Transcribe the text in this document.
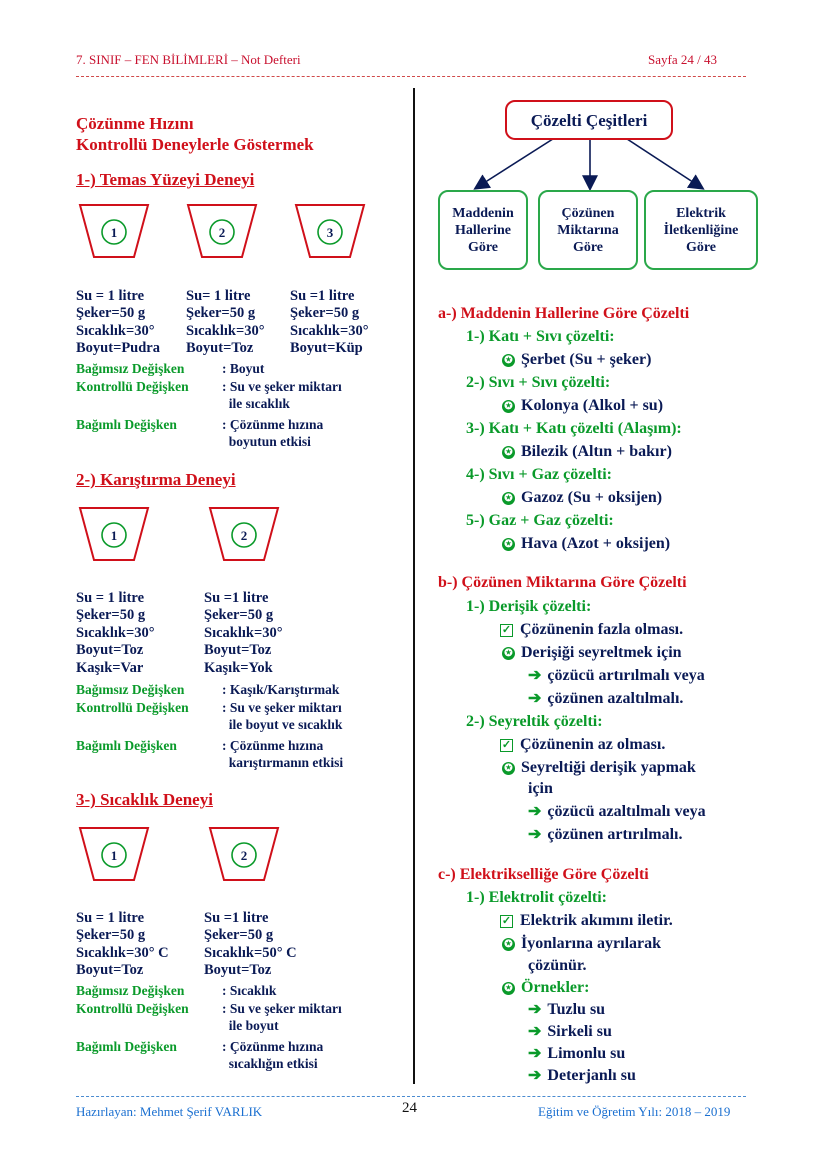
7. SINIF – FEN BİLİMLERİ – Not Defteri	Sayfa 24 / 43
Çözünme Hızını
Kontrollü Deneylerle Göstermek
1-) Temas Yüzeyi Deneyi
1	2	3

Su = 1 litre
Şeker=50 g
Sıcaklık=30°
Boyut=Pudra

Su= 1 litre
Şeker=50 g
Sıcaklık=30°
Boyut=Toz

Su =1 litre
Şeker=50 g
Sıcaklık=30°
Boyut=Küp

Bağımsız Değişken	: Boyut
Kontrollü Değişken : Su ve şeker miktarı
ile sıcaklık
Bağımlı Değişken	: Çözünme hızına
boyutun etkisi
2-) Karıştırma Deneyi
1	2

Su = 1 litre
Şeker=50 g
Sıcaklık=30°
Boyut=Toz
Kaşık=Var

Su =1 litre
Şeker=50 g
Sıcaklık=30°
Boyut=Toz
Kaşık=Yok

Bağımsız Değişken	: Kaşık/Karıştırmak
Kontrollü Değişken : Su ve şeker miktarı
ile boyut ve sıcaklık
Bağımlı Değişken	: Çözünme hızına
karıştırmanın etkisi
3-) Sıcaklık Deneyi
1	2

Su = 1 litre
Şeker=50 g
Sıcaklık=30° C
Boyut=Toz

Su =1 litre
Şeker=50 g
Sıcaklık=50° C
Boyut=Toz

Bağımsız Değişken	: Sıcaklık
Kontrollü Değişken : Su ve şeker miktarı
ile boyut
Bağımlı Değişken	: Çözünme hızına
sıcaklığın etkisi
Çözelti Çeşitleri
Maddenin
Hallerine
Göre
Çözünen
Miktarına
Göre
Elektrik
İletkenliğine
Göre
a-) Maddenin Hallerine Göre Çözelti
1-) Katı + Sıvı çözelti:
✪ Şerbet (Su + şeker)
2-) Sıvı + Sıvı çözelti:
✪ Kolonya (Alkol + su)
3-) Katı + Katı çözelti (Alaşım):
✪ Bilezik (Altın + bakır)
4-) Sıvı + Gaz çözelti:
✪ Gazoz (Su + oksijen)
5-) Gaz + Gaz çözelti:
✪ Hava (Azot + oksijen)
b-) Çözünen Miktarına Göre Çözelti
1-) Derişik çözelti:
✓ Çözünenin fazla olması.
✪ Derişiği seyreltmek için
➔ çözücü artırılmalı veya
➔ çözünen azaltılmalı.
2-) Seyreltik çözelti:
✓ Çözünenin az olması.
✪ Seyreltiği derişik yapmak
için
➔ çözücü azaltılmalı veya
➔ çözünen artırılmalı.
c-) Elektrikselliğe Göre Çözelti
1-) Elektrolit çözelti:
✓ Elektrik akımını iletir.
✪ İyonlarına ayrılarak
çözünür.
✪ Örnekler:
➔ Tuzlu su
➔ Sirkeli su
➔ Limonlu su
➔ Deterjanlı su
Hazırlayan: Mehmet Şerif VARLIK	24	Eğitim ve Öğretim Yılı: 2018 – 2019
